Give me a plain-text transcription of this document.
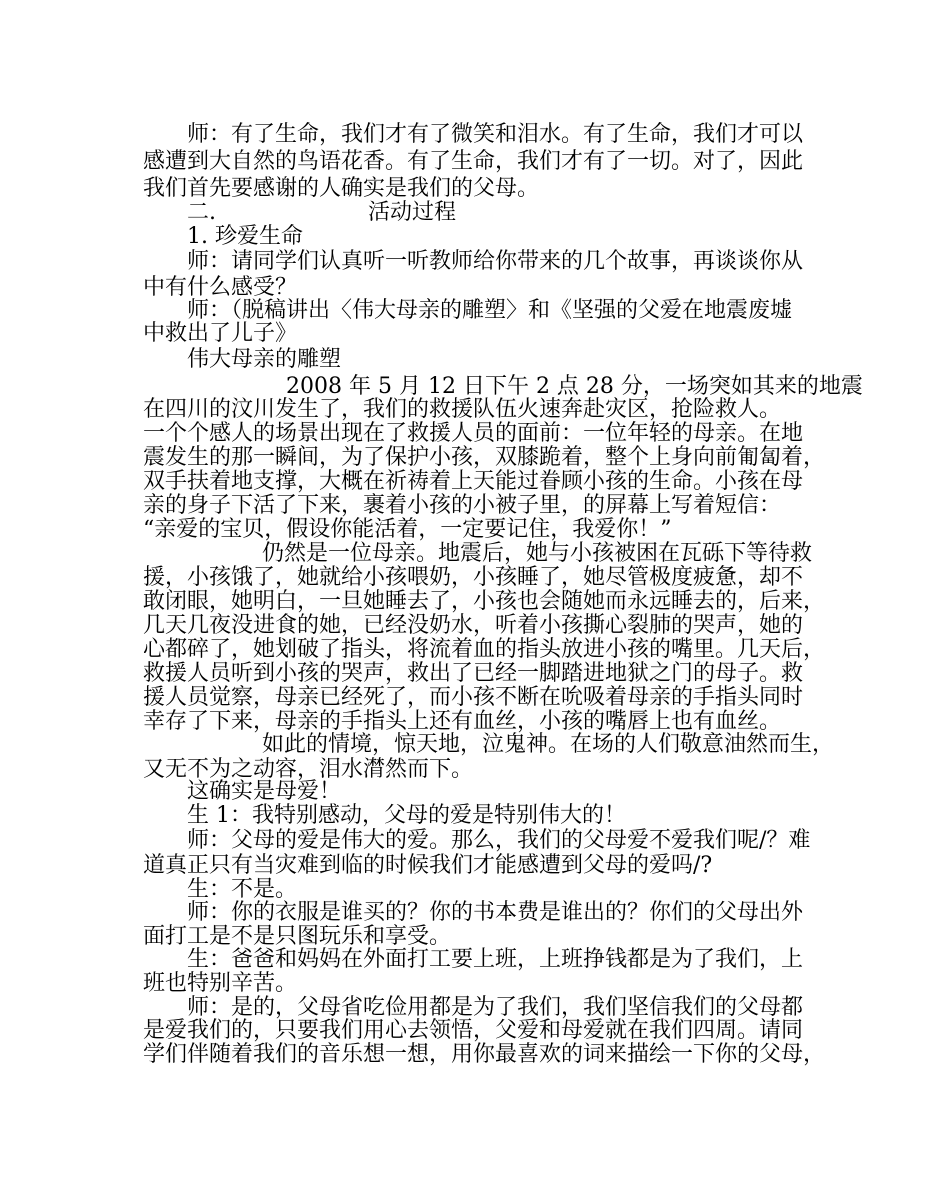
师：有了生命，我们才有了微笑和泪水。有了生命，我们才可以
感遭到大自然的鸟语花香。有了生命，我们才有了一切。对了，因此
我们首先要感谢的人确实是我们的父母。
二.	活动过程
1. 珍爱生命
师：请同学们认真听一听教师给你带来的几个故事，再谈谈你从
中有什么感受？
师：（脱稿讲出〈伟大母亲的雕塑〉和《坚强的父爱在地震废墟
中救出了儿子》
伟大母亲的雕塑
2008 年 5 月 12 日下午 2 点 28 分，一场突如其来的地震
在四川的汶川发生了，我们的救援队伍火速奔赴灾区，抢险救人。
一个个感人的场景出现在了救援人员的面前：一位年轻的母亲。在地
震发生的那一瞬间，为了保护小孩，双膝跪着，整个上身向前匍匐着，
双手扶着地支撑，大概在祈祷着上天能过眷顾小孩的生命。小孩在母
亲的身子下活了下来，裹着小孩的小被子里，的屏幕上写着短信：
“亲爱的宝贝，假设你能活着，一定要记住，我爱你！”
仍然是一位母亲。地震后，她与小孩被困在瓦砾下等待救
援，小孩饿了，她就给小孩喂奶，小孩睡了，她尽管极度疲惫，却不
敢闭眼，她明白，一旦她睡去了，小孩也会随她而永远睡去的，后来，
几天几夜没进食的她，已经没奶水，听着小孩撕心裂肺的哭声，她的
心都碎了，她划破了指头，将流着血的指头放进小孩的嘴里。几天后，
救援人员听到小孩的哭声，救出了已经一脚踏进地狱之门的母子。救
援人员觉察，母亲已经死了，而小孩不断在吮吸着母亲的手指头同时
幸存了下来，母亲的手指头上还有血丝，小孩的嘴唇上也有血丝。
如此的情境，惊天地，泣鬼神。在场的人们敬意油然而生，
又无不为之动容，泪水潸然而下。
这确实是母爱！
生 1：我特别感动，父母的爱是特别伟大的！
师：父母的爱是伟大的爱。那么，我们的父母爱不爱我们呢/？难
道真正只有当灾难到临的时候我们才能感遭到父母的爱吗/?
生：不是。
师：你的衣服是谁买的？你的书本费是谁出的？你们的父母出外
面打工是不是只图玩乐和享受。
生：爸爸和妈妈在外面打工要上班，上班挣钱都是为了我们，上
班也特别辛苦。
师：是的，父母省吃俭用都是为了我们，我们坚信我们的父母都
是爱我们的，只要我们用心去领悟，父爱和母爱就在我们四周。请同
学们伴随着我们的音乐想一想，用你最喜欢的词来描绘一下你的父母，
